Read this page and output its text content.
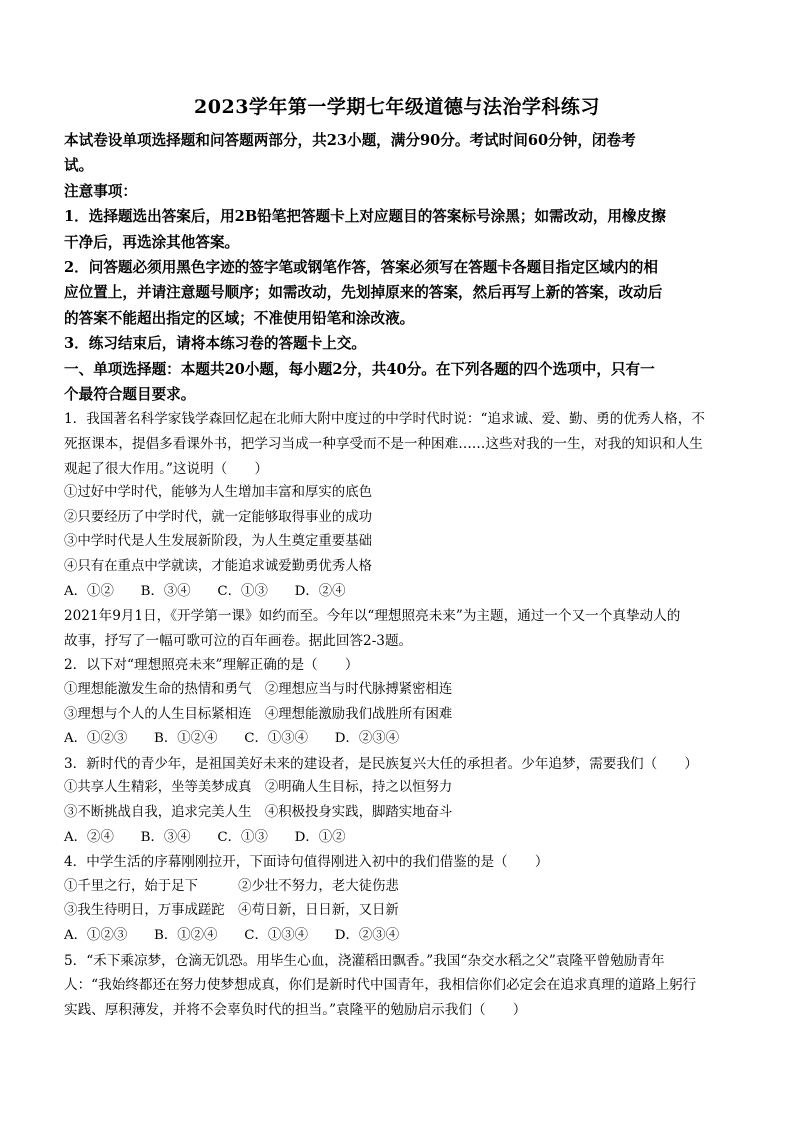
2023学年第一学期七年级道德与法治学科练习

本试卷设单项选择题和问答题两部分，共23小题，满分90分。考试时间60分钟，闭卷考

试。

注意事项：

1．选择题选出答案后，用2B铅笔把答题卡上对应题目的答案标号涂黑；如需改动，用橡皮擦

干净后，再选涂其他答案。

2．问答题必须用黑色字迹的签字笔或钢笔作答，答案必须写在答题卡各题目指定区域内的相

应位置上，并请注意题号顺序；如需改动，先划掉原来的答案，然后再写上新的答案，改动后

的答案不能超出指定的区域；不准使用铅笔和涂改液。

3．练习结束后，请将本练习卷的答题卡上交。

一、单项选择题：本题共20小题，每小题2分，共40分。在下列各题的四个选项中，只有一

个最符合题目要求。

1．我国著名科学家钱学森回忆起在北师大附中度过的中学时代时说：“追求诚、爱、勤、勇的优秀人格，不

死抠课本，提倡多看课外书，把学习当成一种享受而不是一种困难……这些对我的一生，对我的知识和人生

观起了很大作用。”这说明（　　）

①过好中学时代，能够为人生增加丰富和厚实的底色

②只要经历了中学时代，就一定能够取得事业的成功

③中学时代是人生发展新阶段，为人生奠定重要基础

④只有在重点中学就读，才能追求诚爱勤勇优秀人格

A．①②　　B．③④　　C．①③　　D．②④

2021年9月1日，《开学第一课》如约而至。今年以“理想照亮未来”为主题，通过一个又一个真挚动人的

故事，抒写了一幅可歌可泣的百年画卷。据此回答2-3题。

2．以下对“理想照亮未来”理解正确的是（　　）

①理想能激发生命的热情和勇气　②理想应当与时代脉搏紧密相连

③理想与个人的人生目标紧相连　④理想能激励我们战胜所有困难

A．①②③　　B．①②④　　C．①③④　　D．②③④

3．新时代的青少年，是祖国美好未来的建设者，是民族复兴大任的承担者。少年追梦，需要我们（　　）

①共享人生精彩，坐等美梦成真　②明确人生目标，持之以恒努力

③不断挑战自我，追求完美人生　④积极投身实践，脚踏实地奋斗

A．②④　　B．③④　　C．①③　　D．①②

4．中学生活的序幕刚刚拉开，下面诗句值得刚进入初中的我们借鉴的是（　　）

①千里之行，始于足下　　　②少壮不努力，老大徒伤悲

③我生待明日，万事成蹉跎　④苟日新，日日新，又日新

A．①②③　　B．①②④　　C．①③④　　D．②③④

5．“禾下乘凉梦，仓滴无饥恐。用毕生心血，浇灌稻田飘香。”我国“杂交水稻之父”袁隆平曾勉励青年

人：“我始终都还在努力使梦想成真，你们是新时代中国青年，我相信你们必定会在追求真理的道路上躬行

实践、厚积薄发，并将不会辜负时代的担当。”袁隆平的勉励启示我们（　　）
